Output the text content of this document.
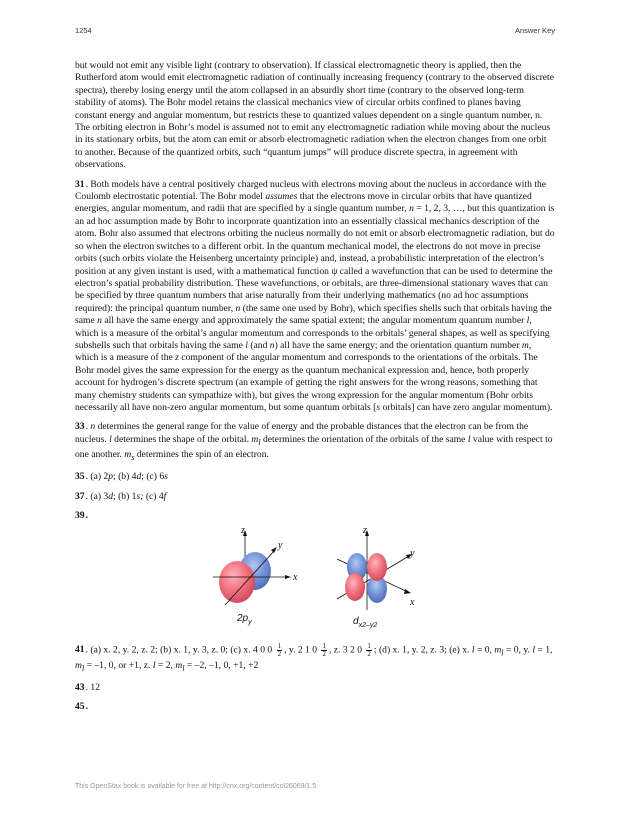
1254	Answer Key

but would not emit any visible light (contrary to observation). If classical electromagnetic theory is applied, then the Rutherford atom would emit electromagnetic radiation of continually increasing frequency (contrary to the observed discrete spectra), thereby losing energy until the atom collapsed in an absurdly short time (contrary to the observed long-term stability of atoms). The Bohr model retains the classical mechanics view of circular orbits confined to planes having constant energy and angular momentum, but restricts these to quantized values dependent on a single quantum number, n. The orbiting electron in Bohr’s model is assumed not to emit any electromagnetic radiation while moving about the nucleus in its stationary orbits, but the atom can emit or absorb electromagnetic radiation when the electron changes from one orbit to another. Because of the quantized orbits, such “quantum jumps” will produce discrete spectra, in agreement with observations.

31. Both models have a central positively charged nucleus with electrons moving about the nucleus in accordance with the Coulomb electrostatic potential. The Bohr model assumes that the electrons move in circular orbits that have quantized energies, angular momentum, and radii that are specified by a single quantum number, n = 1, 2, 3, …, but this quantization is an ad hoc assumption made by Bohr to incorporate quantization into an essentially classical mechanics description of the atom. Bohr also assumed that electrons orbiting the nucleus normally do not emit or absorb electromagnetic radiation, but do so when the electron switches to a different orbit. In the quantum mechanical model, the electrons do not move in precise orbits (such orbits violate the Heisenberg uncertainty principle) and, instead, a probabilistic interpretation of the electron’s position at any given instant is used, with a mathematical function ψ called a wavefunction that can be used to determine the electron’s spatial probability distribution. These wavefunctions, or orbitals, are three-dimensional stationary waves that can be specified by three quantum numbers that arise naturally from their underlying mathematics (no ad hoc assumptions required): the principal quantum number, n (the same one used by Bohr), which specifies shells such that orbitals having the same n all have the same energy and approximately the same spatial extent; the angular momentum quantum number l, which is a measure of the orbital’s angular momentum and corresponds to the orbitals’ general shapes, as well as specifying subshells such that orbitals having the same l (and n) all have the same energy; and the orientation quantum number m, which is a measure of the z component of the angular momentum and corresponds to the orientations of the orbitals. The Bohr model gives the same expression for the energy as the quantum mechanical expression and, hence, both properly account for hydrogen’s discrete spectrum (an example of getting the right answers for the wrong reasons, something that many chemistry students can sympathize with), but gives the wrong expression for the angular momentum (Bohr orbits necessarily all have non-zero angular momentum, but some quantum orbitals [s orbitals] can have zero angular momentum).

33. n determines the general range for the value of energy and the probable distances that the electron can be from the nucleus. l determines the shape of the orbital. $m_l$ determines the orientation of the orbitals of the same l value with respect to one another. $m_s$ determines the spin of an electron.

35. (a) 2p; (b) 4d; (c) 6s

37. (a) 3d; (b) 1s; (c) 4f

39.

z
y
x
$2p_y$
z
y
x
$d_{x2-y2}$

41. (a) x. 2, y. 2, z. 2; (b) x. 1, y. 3, z. 0; (c) x. 4 0 $0 \frac{1}{2}$ , y. 2 1 $0 \frac{1}{2}$ , z. 3 2 $0 \frac{1}{2}$ ; (d) x. 1, y. 2, z. 3; (e) x. l = 0, $m_l = 0$, y. l = 1, $m_l = -1$, 0, or +1, z. l = 2, $m_l = -2$, –1, 0, +1, +2

43. 12

45.

This OpenStax book is available for free at http://cnx.org/content/col26069/1.5
